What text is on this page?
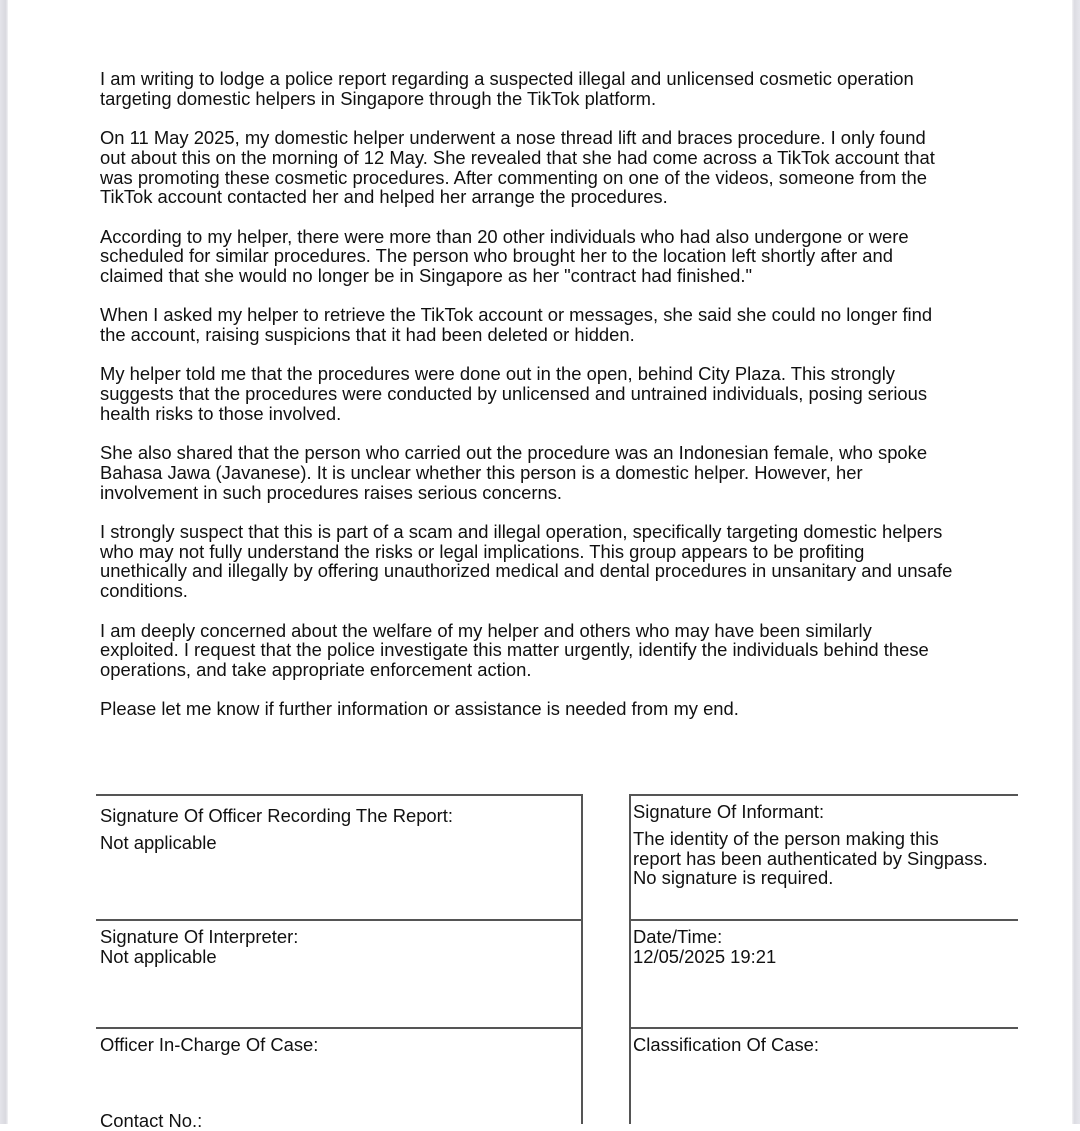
I am writing to lodge a police report regarding a suspected illegal and unlicensed cosmetic operation
targeting domestic helpers in Singapore through the TikTok platform.

On 11 May 2025, my domestic helper underwent a nose thread lift and braces procedure. I only found
out about this on the morning of 12 May. She revealed that she had come across a TikTok account that
was promoting these cosmetic procedures. After commenting on one of the videos, someone from the
TikTok account contacted her and helped her arrange the procedures.

According to my helper, there were more than 20 other individuals who had also undergone or were
scheduled for similar procedures. The person who brought her to the location left shortly after and
claimed that she would no longer be in Singapore as her "contract had finished."

When I asked my helper to retrieve the TikTok account or messages, she said she could no longer find
the account, raising suspicions that it had been deleted or hidden.

My helper told me that the procedures were done out in the open, behind City Plaza. This strongly
suggests that the procedures were conducted by unlicensed and untrained individuals, posing serious
health risks to those involved.

She also shared that the person who carried out the procedure was an Indonesian female, who spoke
Bahasa Jawa (Javanese). It is unclear whether this person is a domestic helper. However, her
involvement in such procedures raises serious concerns.

I strongly suspect that this is part of a scam and illegal operation, specifically targeting domestic helpers
who may not fully understand the risks or legal implications. This group appears to be profiting
unethically and illegally by offering unauthorized medical and dental procedures in unsanitary and unsafe
conditions.

I am deeply concerned about the welfare of my helper and others who may have been similarly
exploited. I request that the police investigate this matter urgently, identify the individuals behind these
operations, and take appropriate enforcement action.

Please let me know if further information or assistance is needed from my end.

Signature Of Officer Recording The Report:
Not applicable
Signature Of Informant:
The identity of the person making this
report has been authenticated by Singpass.
No signature is required.
Signature Of Interpreter:
Not applicable
Date/Time:
12/05/2025 19:21
Officer In-Charge Of Case:	Classification Of Case:
Contact No.:
